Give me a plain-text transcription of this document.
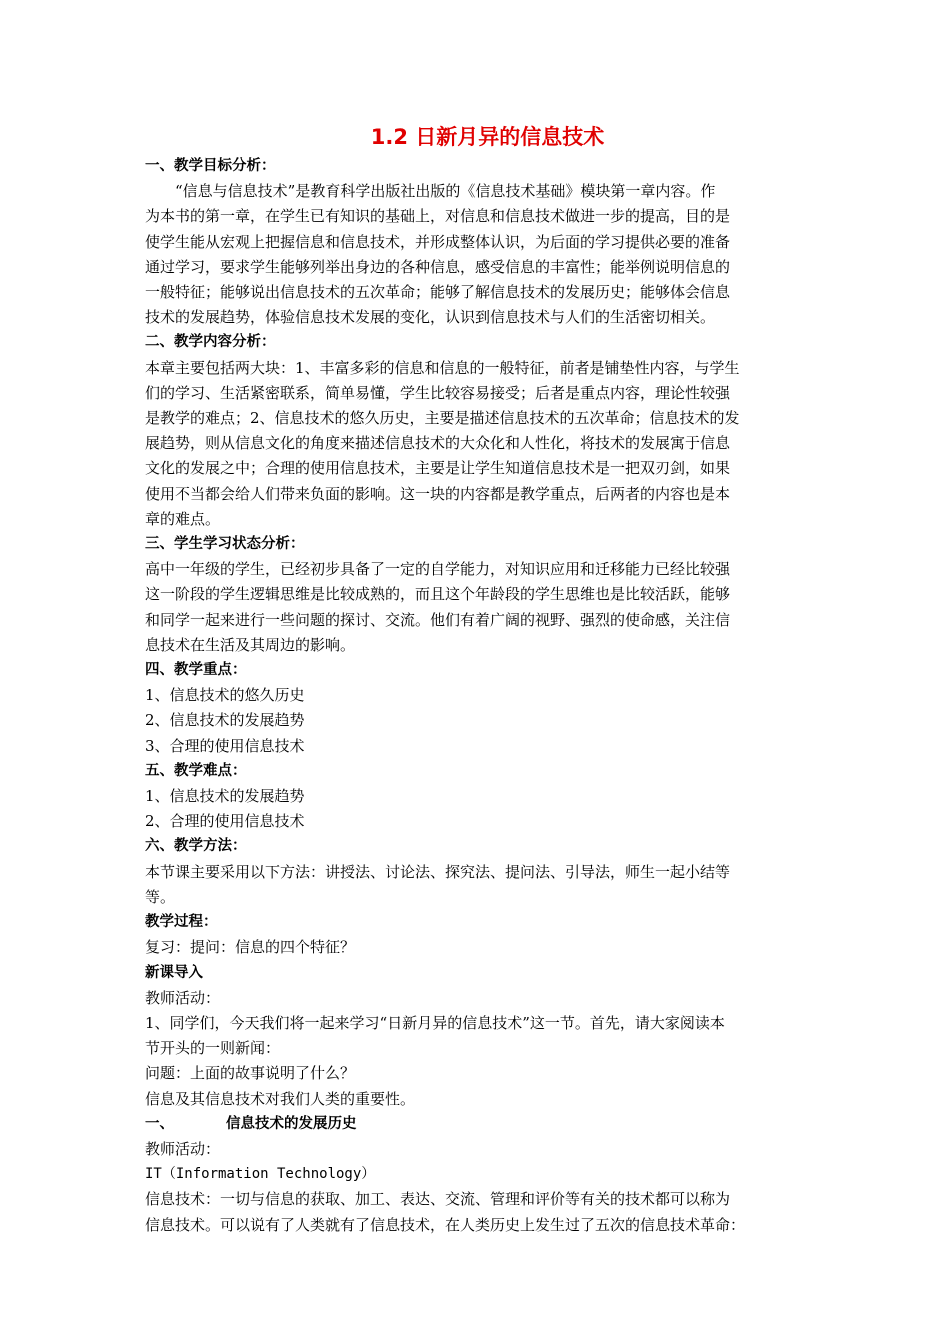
1.2 日新月异的信息技术
一、教学目标分析：
“信息与信息技术”是教育科学出版社出版的《信息技术基础》模块第一章内容。作
为本书的第一章，在学生已有知识的基础上，对信息和信息技术做进一步的提高，目的是
使学生能从宏观上把握信息和信息技术，并形成整体认识，为后面的学习提供必要的准备
通过学习，要求学生能够列举出身边的各种信息，感受信息的丰富性；能举例说明信息的
一般特征；能够说出信息技术的五次革命；能够了解信息技术的发展历史；能够体会信息
技术的发展趋势，体验信息技术发展的变化，认识到信息技术与人们的生活密切相关。
二、教学内容分析：
本章主要包括两大块：1、丰富多彩的信息和信息的一般特征，前者是铺垫性内容，与学生
们的学习、生活紧密联系，简单易懂，学生比较容易接受；后者是重点内容，理论性较强
是教学的难点；2、信息技术的悠久历史，主要是描述信息技术的五次革命；信息技术的发
展趋势，则从信息文化的角度来描述信息技术的大众化和人性化，将技术的发展寓于信息
文化的发展之中；合理的使用信息技术，主要是让学生知道信息技术是一把双刃剑，如果
使用不当都会给人们带来负面的影响。这一块的内容都是教学重点，后两者的内容也是本
章的难点。
三、学生学习状态分析：
高中一年级的学生，已经初步具备了一定的自学能力，对知识应用和迁移能力已经比较强
这一阶段的学生逻辑思维是比较成熟的，而且这个年龄段的学生思维也是比较活跃，能够
和同学一起来进行一些问题的探讨、交流。他们有着广阔的视野、强烈的使命感，关注信
息技术在生活及其周边的影响。
四、教学重点：
1、信息技术的悠久历史
2、信息技术的发展趋势
3、合理的使用信息技术
五、教学难点：
1、信息技术的发展趋势
2、合理的使用信息技术
六、教学方法：
本节课主要采用以下方法：讲授法、讨论法、探究法、提问法、引导法，师生一起小结等
等。
教学过程：
复习：提问：信息的四个特征？
新课导入
教师活动：
1、同学们，今天我们将一起来学习“日新月异的信息技术”这一节。首先，请大家阅读本
节开头的一则新闻：
问题：上面的故事说明了什么？
信息及其信息技术对我们人类的重要性。
一、	信息技术的发展历史
教师活动：
IT（Information Technology）
信息技术：一切与信息的获取、加工、表达、交流、管理和评价等有关的技术都可以称为
信息技术。可以说有了人类就有了信息技术，在人类历史上发生过了五次的信息技术革命：
